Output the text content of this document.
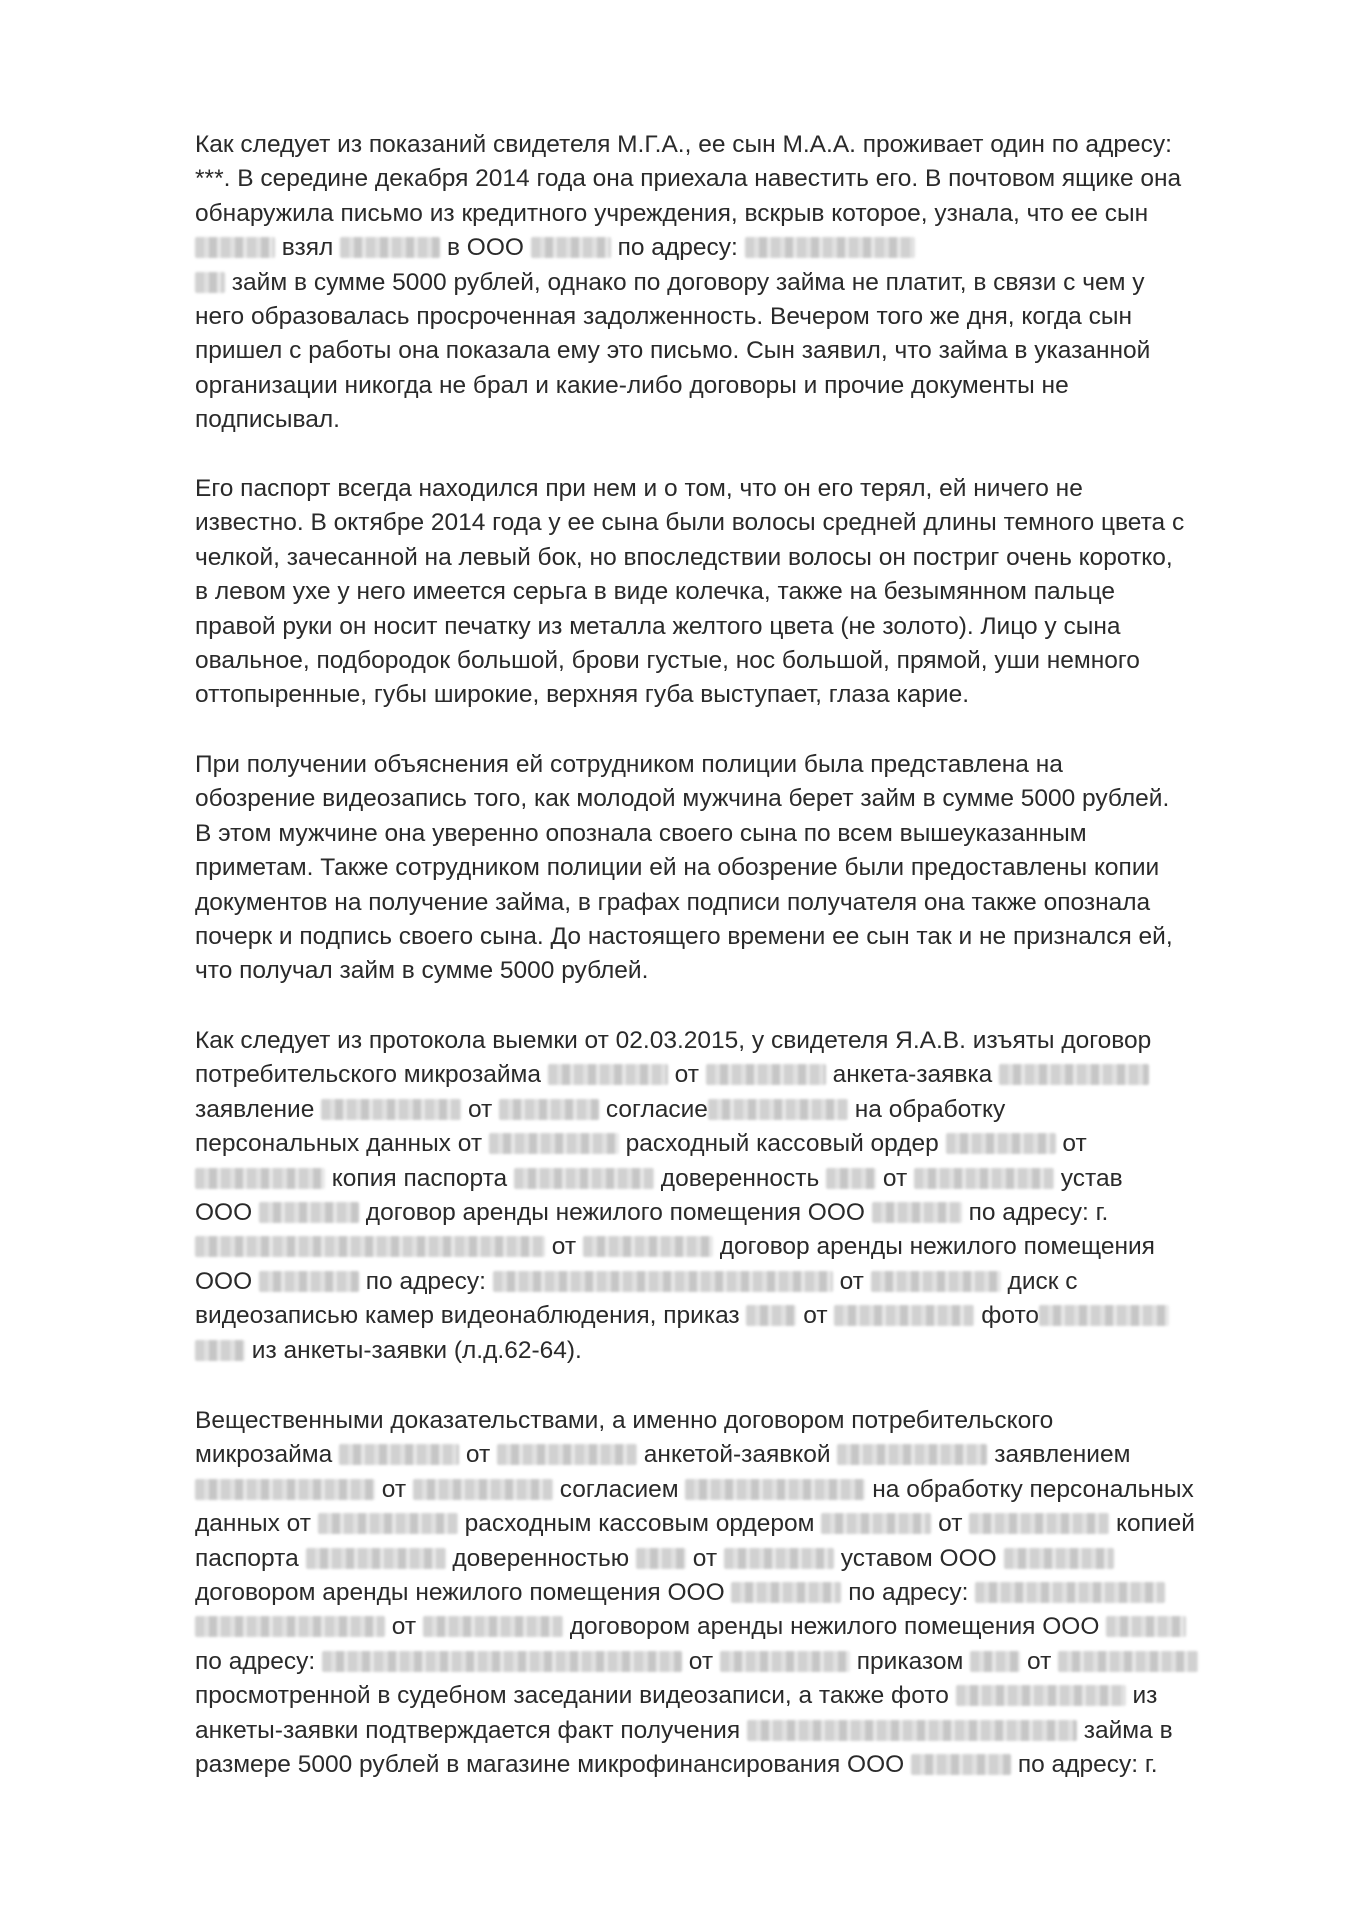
Как следует из показаний свидетеля М.Г.А., ее сын М.А.А. проживает один по адресу:
***. В середине декабря 2014 года она приехала навестить его. В почтовом ящике она
обнаружила письмо из кредитного учреждения, вскрыв которое, узнала, что ее сын
взял	в ООО	по адресу:
займ в сумме 5000 рублей, однако по договору займа не платит, в связи с чем у
него образовалась просроченная задолженность. Вечером того же дня, когда сын
пришел с работы она показала ему это письмо. Сын заявил, что займа в указанной
организации никогда не брал и какие-либо договоры и прочие документы не
подписывал.
Его паспорт всегда находился при нем и о том, что он его терял, ей ничего не
известно. В октябре 2014 года у ее сына были волосы средней длины темного цвета с
челкой, зачесанной на левый бок, но впоследствии волосы он постриг очень коротко,
в левом ухе у него имеется серьга в виде колечка, также на безымянном пальце
правой руки он носит печатку из металла желтого цвета (не золото). Лицо у сына
овальное, подбородок большой, брови густые, нос большой, прямой, уши немного
оттопыренные, губы широкие, верхняя губа выступает, глаза карие.
При получении объяснения ей сотрудником полиции была представлена на
обозрение видеозапись того, как молодой мужчина берет займ в сумме 5000 рублей.
В этом мужчине она уверенно опознала своего сына по всем вышеуказанным
приметам. Также сотрудником полиции ей на обозрение были предоставлены копии
документов на получение займа, в графах подписи получателя она также опознала
почерк и подпись своего сына. До настоящего времени ее сын так и не признался ей,
что получал займ в сумме 5000 рублей.
Как следует из протокола выемки от 02.03.2015, у свидетеля Я.А.В. изъяты договор
потребительского микрозайма	от	анкета-заявка
заявление	от	согласие	на обработку
персональных данных от	расходный кассовый ордер	от
копия паспорта	доверенность  от	устав
ООО	договор аренды нежилого помещения ООО	по адресу: г.
от	договор аренды нежилого помещения
ООО	по адресу:	от	диск с
видеозаписью камер видеонаблюдения, приказ  от	фото
из анкеты-заявки (л.д.62-64).
Вещественными доказательствами, а именно договором потребительского
микрозайма	от	анкетой-заявкой	заявлением
от	согласием	на обработку персональных
данных от	расходным кассовым ордером	от	копией
паспорта	доверенностью  от	уставом ООО
договором аренды нежилого помещения ООО	по адресу:
от	договором аренды нежилого помещения ООО
по адресу:	от	приказом  от
просмотренной в судебном заседании видеозаписи, а также фото	из
анкеты-заявки подтверждается факт получения	займа в
размере 5000 рублей в магазине микрофинансирования ООО	по адресу: г.
